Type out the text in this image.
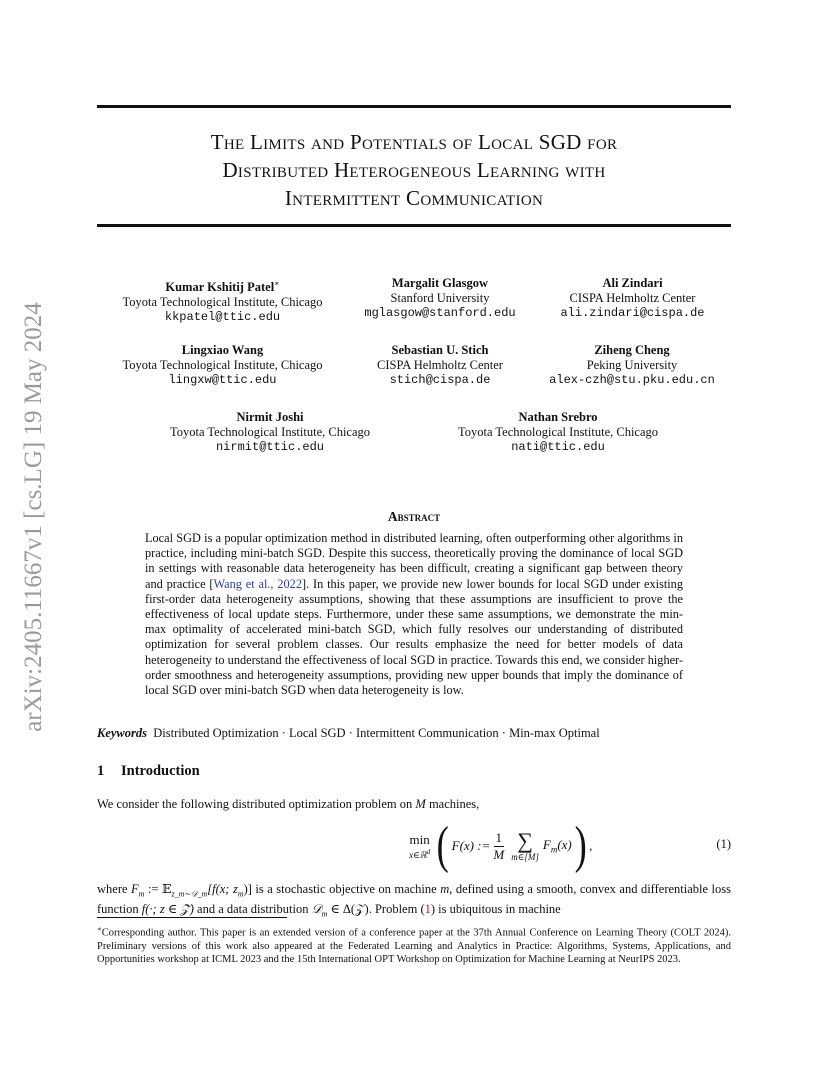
arXiv:2405.11667v1 [cs.LG] 19 May 2024
The Limits and Potentials of Local SGD for
Distributed Heterogeneous Learning with
Intermittent Communication
Kumar Kshitij Patel∗
Toyota Technological Institute, Chicago
kkpatel@ttic.edu
Margalit Glasgow
Stanford University
mglasgow@stanford.edu
Ali Zindari
CISPA Helmholtz Center
ali.zindari@cispa.de
Lingxiao Wang
Toyota Technological Institute, Chicago
lingxw@ttic.edu
Sebastian U. Stich
CISPA Helmholtz Center
stich@cispa.de
Ziheng Cheng
Peking University
alex-czh@stu.pku.edu.cn
Nirmit Joshi
Toyota Technological Institute, Chicago
nirmit@ttic.edu
Nathan Srebro
Toyota Technological Institute, Chicago
nati@ttic.edu
Abstract
Local SGD is a popular optimization method in distributed learning, often outperforming other algorithms in practice, including mini-batch SGD. Despite this success, theoretically proving the dominance of local SGD in settings with reasonable data heterogeneity has been difficult, creating a significant gap between theory and practice [Wang et al., 2022]. In this paper, we provide new lower bounds for local SGD under existing first-order data heterogeneity assumptions, showing that these assumptions are insufficient to prove the effectiveness of local update steps. Furthermore, under these same assumptions, we demonstrate the min-max optimality of accelerated mini-batch SGD, which fully resolves our understanding of distributed optimization for several problem classes. Our results emphasize the need for better models of data heterogeneity to understand the effectiveness of local SGD in practice. Towards this end, we consider higher-order smoothness and heterogeneity assumptions, providing new upper bounds that imply the dominance of local SGD over mini-batch SGD when data heterogeneity is low.
Keywords Distributed Optimization · Local SGD · Intermittent Communication · Min-max Optimal
1 Introduction
We consider the following distributed optimization problem on M machines,
min
x∈ℝ$^d$ ( F(x) := $\frac{1}{M}$ ∑
m∈[M]
$F_m(x)$ ) ,	(1)
where $F_m$ := 𝔼$_{z\_m\sim 𝒟\_m}$[f(x; $z_m$)] is a stochastic objective on machine m, defined using a smooth, convex and differentiable loss function f(·; z ∈ 𝒵) and a data distribution 𝒟$_m$ ∈ Δ(𝒵). Problem (1) is ubiquitous in machine
∗Corresponding author. This paper is an extended version of a conference paper at the 37th Annual Conference on Learning Theory (COLT 2024). Preliminary versions of this work also appeared at the Federated Learning and Analytics in Practice: Algorithms, Systems, Applications, and Opportunities workshop at ICML 2023 and the 15th International OPT Workshop on Optimization for Machine Learning at NeurIPS 2023.
